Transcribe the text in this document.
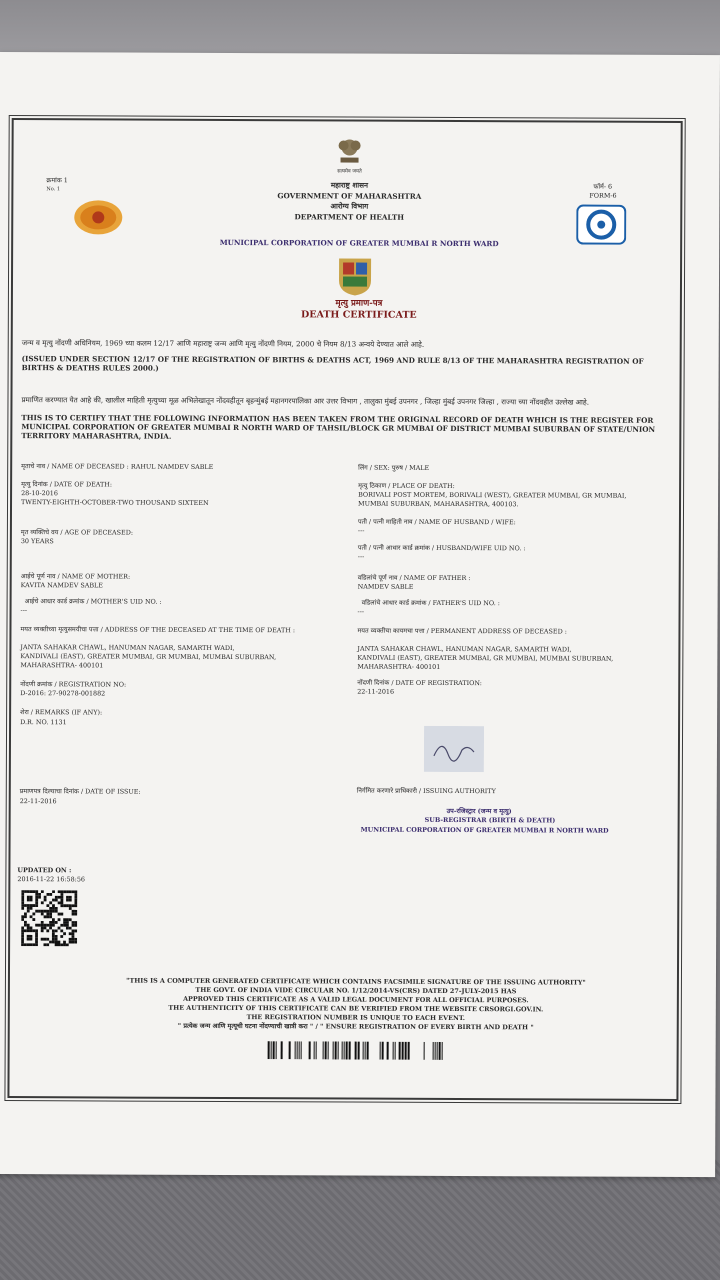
सत्यमेव जयते
क्रमांक 1
No. 1	फॉर्म- 6
FORM-6
महाराष्ट्र शासन
GOVERNMENT OF MAHARASHTRA
आरोग्य विभाग
DEPARTMENT OF HEALTH
MUNICIPAL CORPORATION OF GREATER MUMBAI R NORTH WARD
मृत्यु प्रमाण-पत्र
DEATH CERTIFICATE
जन्म व मृत्यु नोंदणी अधिनियम, 1969 च्या कलम 12/17 आणि महाराष्ट्र जन्म आणि मृत्यु नोंदणी नियम, 2000 चे नियम 8/13 अन्वये देण्यात आले आहे.
(ISSUED UNDER SECTION 12/17 OF THE REGISTRATION OF BIRTHS & DEATHS ACT, 1969 AND RULE 8/13 OF THE MAHARASHTRA REGISTRATION OF BIRTHS & DEATHS RULES 2000.)
प्रमाणित करण्यात येत आहे की, खालील माहिती मृत्युच्या मूळ अभिलेखातून नोंदवहीतून बृहन्मुंबई महानगरपालिका आर उत्तर विभाग , तालुका मुंबई उपनगर , जिल्हा मुंबई उपनगर जिल्हा , राज्या च्या नोंदवहीत उल्लेख आहे.
THIS IS TO CERTIFY THAT THE FOLLOWING INFORMATION HAS BEEN TAKEN FROM THE ORIGINAL RECORD OF DEATH WHICH IS THE REGISTER FOR MUNICIPAL CORPORATION OF GREATER MUMBAI R NORTH WARD OF TAHSIL/BLOCK GR MUMBAI OF DISTRICT MUMBAI SUBURBAN OF STATE/UNION TERRITORY MAHARASHTRA, INDIA.
मृताचे नाव / NAME OF DECEASED : RAHUL NAMDEV SABLE	लिंग / SEX: पुरुष / MALE
मृत्यु दिनांक / DATE OF DEATH:
28-10-2016
TWENTY-EIGHTH-OCTOBER-TWO THOUSAND SIXTEEN
मृत्यु ठिकाण / PLACE OF DEATH:
BORIVALI POST MORTEM, BORIVALI (WEST), GREATER MUMBAI, GR MUMBAI,
MUMBAI SUBURBAN, MAHARASHTRA, 400103.
पती / पत्नी माहिती नाव / NAME OF HUSBAND / WIFE:
---
मृत व्यक्तिचे वय / AGE OF DECEASED:
30 YEARS
पती / पत्नी आधार कार्ड क्रमांक / HUSBAND/WIFE UID NO. :
---
आईचे पूर्ण नाव / NAME OF MOTHER:
KAVITA NAMDEV SABLE
वडिलांचे पूर्ण नाव / NAME OF FATHER :
NAMDEV SABLE
आईचे आधार कार्ड क्रमांक / MOTHER'S UID NO. :
---
वडिलांचे आधार कार्ड क्रमांक / FATHER'S UID NO. :
---
मयत व्यक्तीच्या मृत्युसमयीचा पत्ता / ADDRESS OF THE DECEASED AT THE TIME OF DEATH :
JANTA SAHAKAR CHAWL, HANUMAN NAGAR, SAMARTH WADI,
KANDIVALI (EAST), GREATER MUMBAI, GR MUMBAI, MUMBAI SUBURBAN,
MAHARASHTRA- 400101
मयत व्यक्तीचा कायमचा पत्ता / PERMANENT ADDRESS OF DECEASED :
JANTA SAHAKAR CHAWL, HANUMAN NAGAR, SAMARTH WADI,
KANDIVALI (EAST), GREATER MUMBAI, GR MUMBAI, MUMBAI SUBURBAN,
MAHARASHTRA- 400101
नोंदणी क्रमांक / REGISTRATION NO:
D-2016: 27-90278-001882
नोंदणी दिनांक / DATE OF REGISTRATION:
22-11-2016
शेरा / REMARKS (IF ANY):
D.R. NO. 1131
प्रमाणपत्र दिल्याचा दिनांक / DATE OF ISSUE:
22-11-2016
निर्गमित करणारे प्राधिकारी / ISSUING AUTHORITY
उप-रजिस्ट्रार (जन्म व मृत्यु)
SUB-REGISTRAR (BIRTH & DEATH)
MUNICIPAL CORPORATION OF GREATER MUMBAI R NORTH WARD
UPDATED ON :
2016-11-22 16:58:56
"THIS IS A COMPUTER GENERATED CERTIFICATE WHICH CONTAINS FACSIMILE SIGNATURE OF THE ISSUING AUTHORITY"
THE GOVT. OF INDIA VIDE CIRCULAR NO. 1/12/2014-VS(CRS) DATED 27-JULY-2015 HAS
APPROVED THIS CERTIFICATE AS A VALID LEGAL DOCUMENT FOR ALL OFFICIAL PURPOSES.
THE AUTHENTICITY OF THIS CERTIFICATE CAN BE VERIFIED FROM THE WEBSITE CRSORGI.GOV.IN.
THE REGISTRATION NUMBER IS UNIQUE TO EACH EVENT.
" प्रत्येक जन्म आणि मृत्यूची घटना नोंदण्याची खात्री करा " / " ENSURE REGISTRATION OF EVERY BIRTH AND DEATH "
